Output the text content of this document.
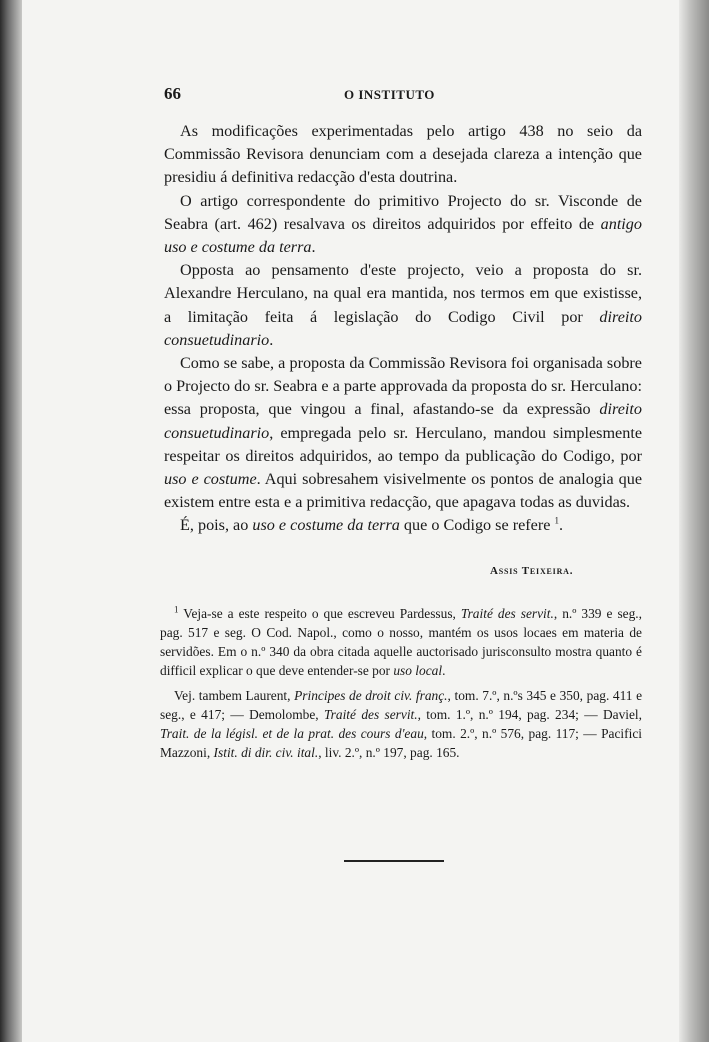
66	O INSTITUTO

As modificações experimentadas pelo artigo 438 no seio da Commissão Revisora denunciam com a desejada clareza a intenção que presidiu á definitiva redacção d'esta doutrina.

O artigo correspondente do primitivo Projecto do sr. Visconde de Seabra (art. 462) resalvava os direitos adquiridos por effeito de antigo uso e costume da terra.

Opposta ao pensamento d'este projecto, veio a proposta do sr. Alexandre Herculano, na qual era mantida, nos termos em que existisse, a limitação feita á legislação do Codigo Civil por direito consuetudinario.

Como se sabe, a proposta da Commissão Revisora foi organisada sobre o Projecto do sr. Seabra e a parte approvada da proposta do sr. Herculano: essa proposta, que vingou a final, afastando-se da expressão direito consuetudinario, empregada pelo sr. Herculano, mandou simplesmente respeitar os direitos adquiridos, ao tempo da publicação do Codigo, por uso e costume. Aqui sobresahem visivelmente os pontos de analogia que existem entre esta e a primitiva redacção, que apagava todas as duvidas.

É, pois, ao uso e costume da terra que o Codigo se refere $^1$.

Assis Teixeira.

$^1$ Veja-se a este respeito o que escreveu Pardessus, Traité des servit., n.º 339 e seg., pag. 517 e seg. O Cod. Napol., como o nosso, mantém os usos locaes em materia de servidões. Em o n.º 340 da obra citada aquelle auctorisado jurisconsulto mostra quanto é difficil explicar o que deve entender-se por uso local.

Vej. tambem Laurent, Principes de droit civ. franç., tom. 7.º, n.ºs 345 e 350, pag. 411 e seg., e 417; — Demolombe, Traité des servit., tom. 1.º, n.º 194, pag. 234; — Daviel, Trait. de la législ. et de la prat. des cours d'eau, tom. 2.º, n.º 576, pag. 117; — Pacifici Mazzoni, Istit. di dir. civ. ital., liv. 2.º, n.º 197, pag. 165.
